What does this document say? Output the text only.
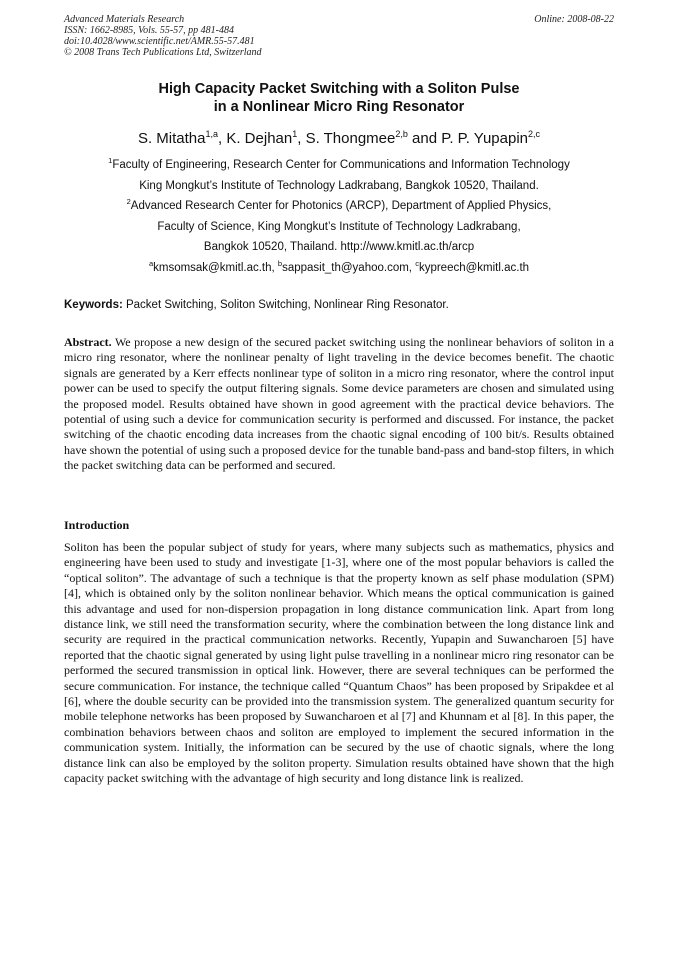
Advanced Materials Research
ISSN: 1662-8985, Vols. 55-57, pp 481-484
doi:10.4028/www.scientific.net/AMR.55-57.481
© 2008 Trans Tech Publications Ltd, Switzerland
Online: 2008-08-22
High Capacity Packet Switching with a Soliton Pulse
in a Nonlinear Micro Ring Resonator
S. Mitatha$^{1,a}$, K. Dejhan$^1$, S. Thongmee$^{2,b}$ and P. P. Yupapin$^{2,c}$
$^1$Faculty of Engineering, Research Center for Communications and Information Technology
King Mongkut’s Institute of Technology Ladkrabang, Bangkok 10520, Thailand.
$^2$Advanced Research Center for Photonics (ARCP), Department of Applied Physics,
Faculty of Science, King Mongkut’s Institute of Technology Ladkrabang,
Bangkok 10520, Thailand. http://www.kmitl.ac.th/arcp
$^a$kmsomsak@kmitl.ac.th, $^b$sappasit_th@yahoo.com, $^c$kypreech@kmitl.ac.th
Keywords: Packet Switching, Soliton Switching, Nonlinear Ring Resonator.
Abstract. We propose a new design of the secured packet switching using the nonlinear behaviors of soliton in a micro ring resonator, where the nonlinear penalty of light traveling in the device becomes benefit. The chaotic signals are generated by a Kerr effects nonlinear type of soliton in a micro ring resonator, where the control input power can be used to specify the output filtering signals. Some device parameters are chosen and simulated using the proposed model. Results obtained have shown in good agreement with the practical device behaviors. The potential of using such a device for communication security is performed and discussed. For instance, the packet switching of the chaotic encoding data increases from the chaotic signal encoding of 100 bit/s. Results obtained have shown the potential of using such a proposed device for the tunable band-pass and band-stop filters, in which the packet switching data can be performed and secured.
Introduction
Soliton has been the popular subject of study for years, where many subjects such as mathematics, physics and engineering have been used to study and investigate [1-3], where one of the most popular behaviors is called the “optical soliton”. The advantage of such a technique is that the property known as self phase modulation (SPM)[4], which is obtained only by the soliton nonlinear behavior. Which means the optical communication is gained this advantage and used for non-dispersion propagation in long distance communication link. Apart from long distance link, we still need the transformation security, where the combination between the long distance link and security are required in the practical communication networks. Recently, Yupapin and Suwancharoen [5] have reported that the chaotic signal generated by using light pulse travelling in a nonlinear micro ring resonator can be performed the secured transmission in optical link. However, there are several techniques can be performed the secure communication. For instance, the technique called “Quantum Chaos” has been proposed by Sripakdee et al [6], where the double security can be provided into the transmission system. The generalized quantum security for mobile telephone networks has been proposed by Suwancharoen et al [7] and Khunnam et al [8]. In this paper, the combination behaviors between chaos and soliton are employed to implement the secured information in the communication system. Initially, the information can be secured by the use of chaotic signals, where the long distance link can also be employed by the soliton property. Simulation results obtained have shown that the high capacity packet switching with the advantage of high security and long distance link is realized.
